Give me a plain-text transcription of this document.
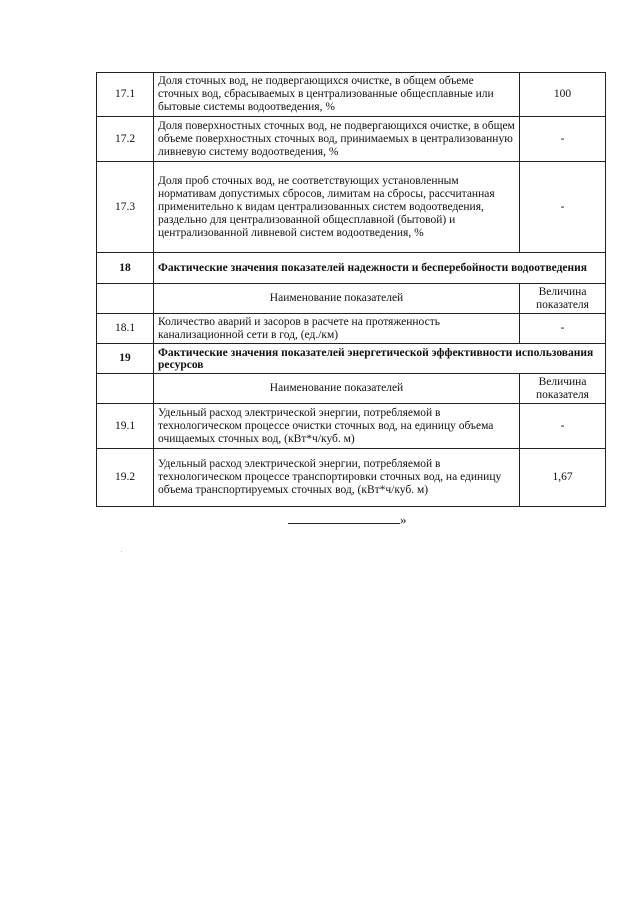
17.1	Доля сточных вод, не подвергающихся очистке, в общем объеме сточных вод, сбрасываемых в централизованные общесплавные или бытовые системы водоотведения, %	100
17.2	Доля поверхностных сточных вод, не подвергающихся очистке, в общем объеме поверхностных сточных вод, принимаемых в централизованную ливневую систему водоотведения, %	-
17.3	Доля проб сточных вод, не соответствующих установленным нормативам допустимых сбросов, лимитам на сбросы, рассчитанная применительно к видам централизованных систем водоотведения, раздельно для централизованной общесплавной (бытовой) и централизованной ливневой систем водоотведения, %	-
18	Фактические значения показателей надежности и бесперебойности водоотведения	
	Наименование показателей	Величина показателя
18.1	Количество аварий и засоров в расчете на протяженность канализационной сети в год, (ед./км)	-
19	Фактические значения показателей энергетической эффективности использования ресурсов	
	Наименование показателей	Величина показателя
19.1	Удельный расход электрической энергии, потребляемой в технологическом процессе очистки сточных вод, на единицу объема очищаемых сточных вод, (кВт*ч/куб. м)	-
19.2	Удельный расход электрической энергии, потребляемой в технологическом процессе транспортировки сточных вод, на единицу объема транспортируемых сточных вод, (кВт*ч/куб. м)	1,67
»
